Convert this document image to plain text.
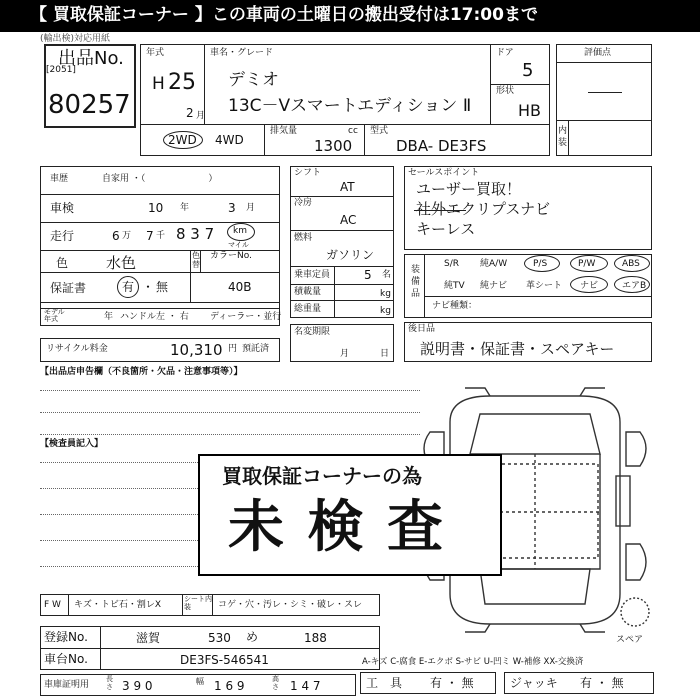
【 買取保証コーナー 】この車両の土曜日の搬出受付は17:00まで
(輸出検)対応用紙
出品No.
[2051]
80257
年式
H 25
2 月
車名・グレード
デミオ
13C－Vスマートエディション Ⅱ
ドア
5
形状
HB
2WD 4WD
排気量	cc
1300
型式
DBA- DE3FS
評価点
内装
車歴	自家用 ・（　　　　　　　）
車検	10 年	3 月
走行	6 万 7 千 8 3 7 km
マイル
色	水色	色替
カラーNo.
40B
保証書	有 ・ 無
モデル年式	年 ハンドル 左 ・ 右 ディーラー・並行
リサイクル料金	10,310 円 預託済
シフト
AT
冷房
AC
燃料
ガソリン
乗車定員	5 名
積載量	kg
総重量	kg
名変期限
月	日
セールスポイント
ユーザー買取！
社外エクリプスナビ
キーレス
装備品
S/R 純A/W	P/S	P/W	ABS
純TV 純ナビ 革シート ナビ	エアB
ナビ種類：
後日品
説明書・保証書・スペアキー
【出品店申告欄（不良箇所・欠品・注意事項等）】
【検査員記入】
スペア
買取保証コーナーの為
未 検 査
F W キズ・トビ石・割レX
シート内装	コゲ・穴・汚レ・シミ・破レ・スレ
登録No.	滋賀	530 め	188
車台No.	DE3FS-546541
車庫証明用
長さ 3 9 0	幅 1 6 9	高さ 1 4 7
A-キズ C-腐食 E-エクボ S-サビ U-凹ミ W-補修 XX-交換済
工　具 有 ・ 無	ジャッキ 有 ・ 無
